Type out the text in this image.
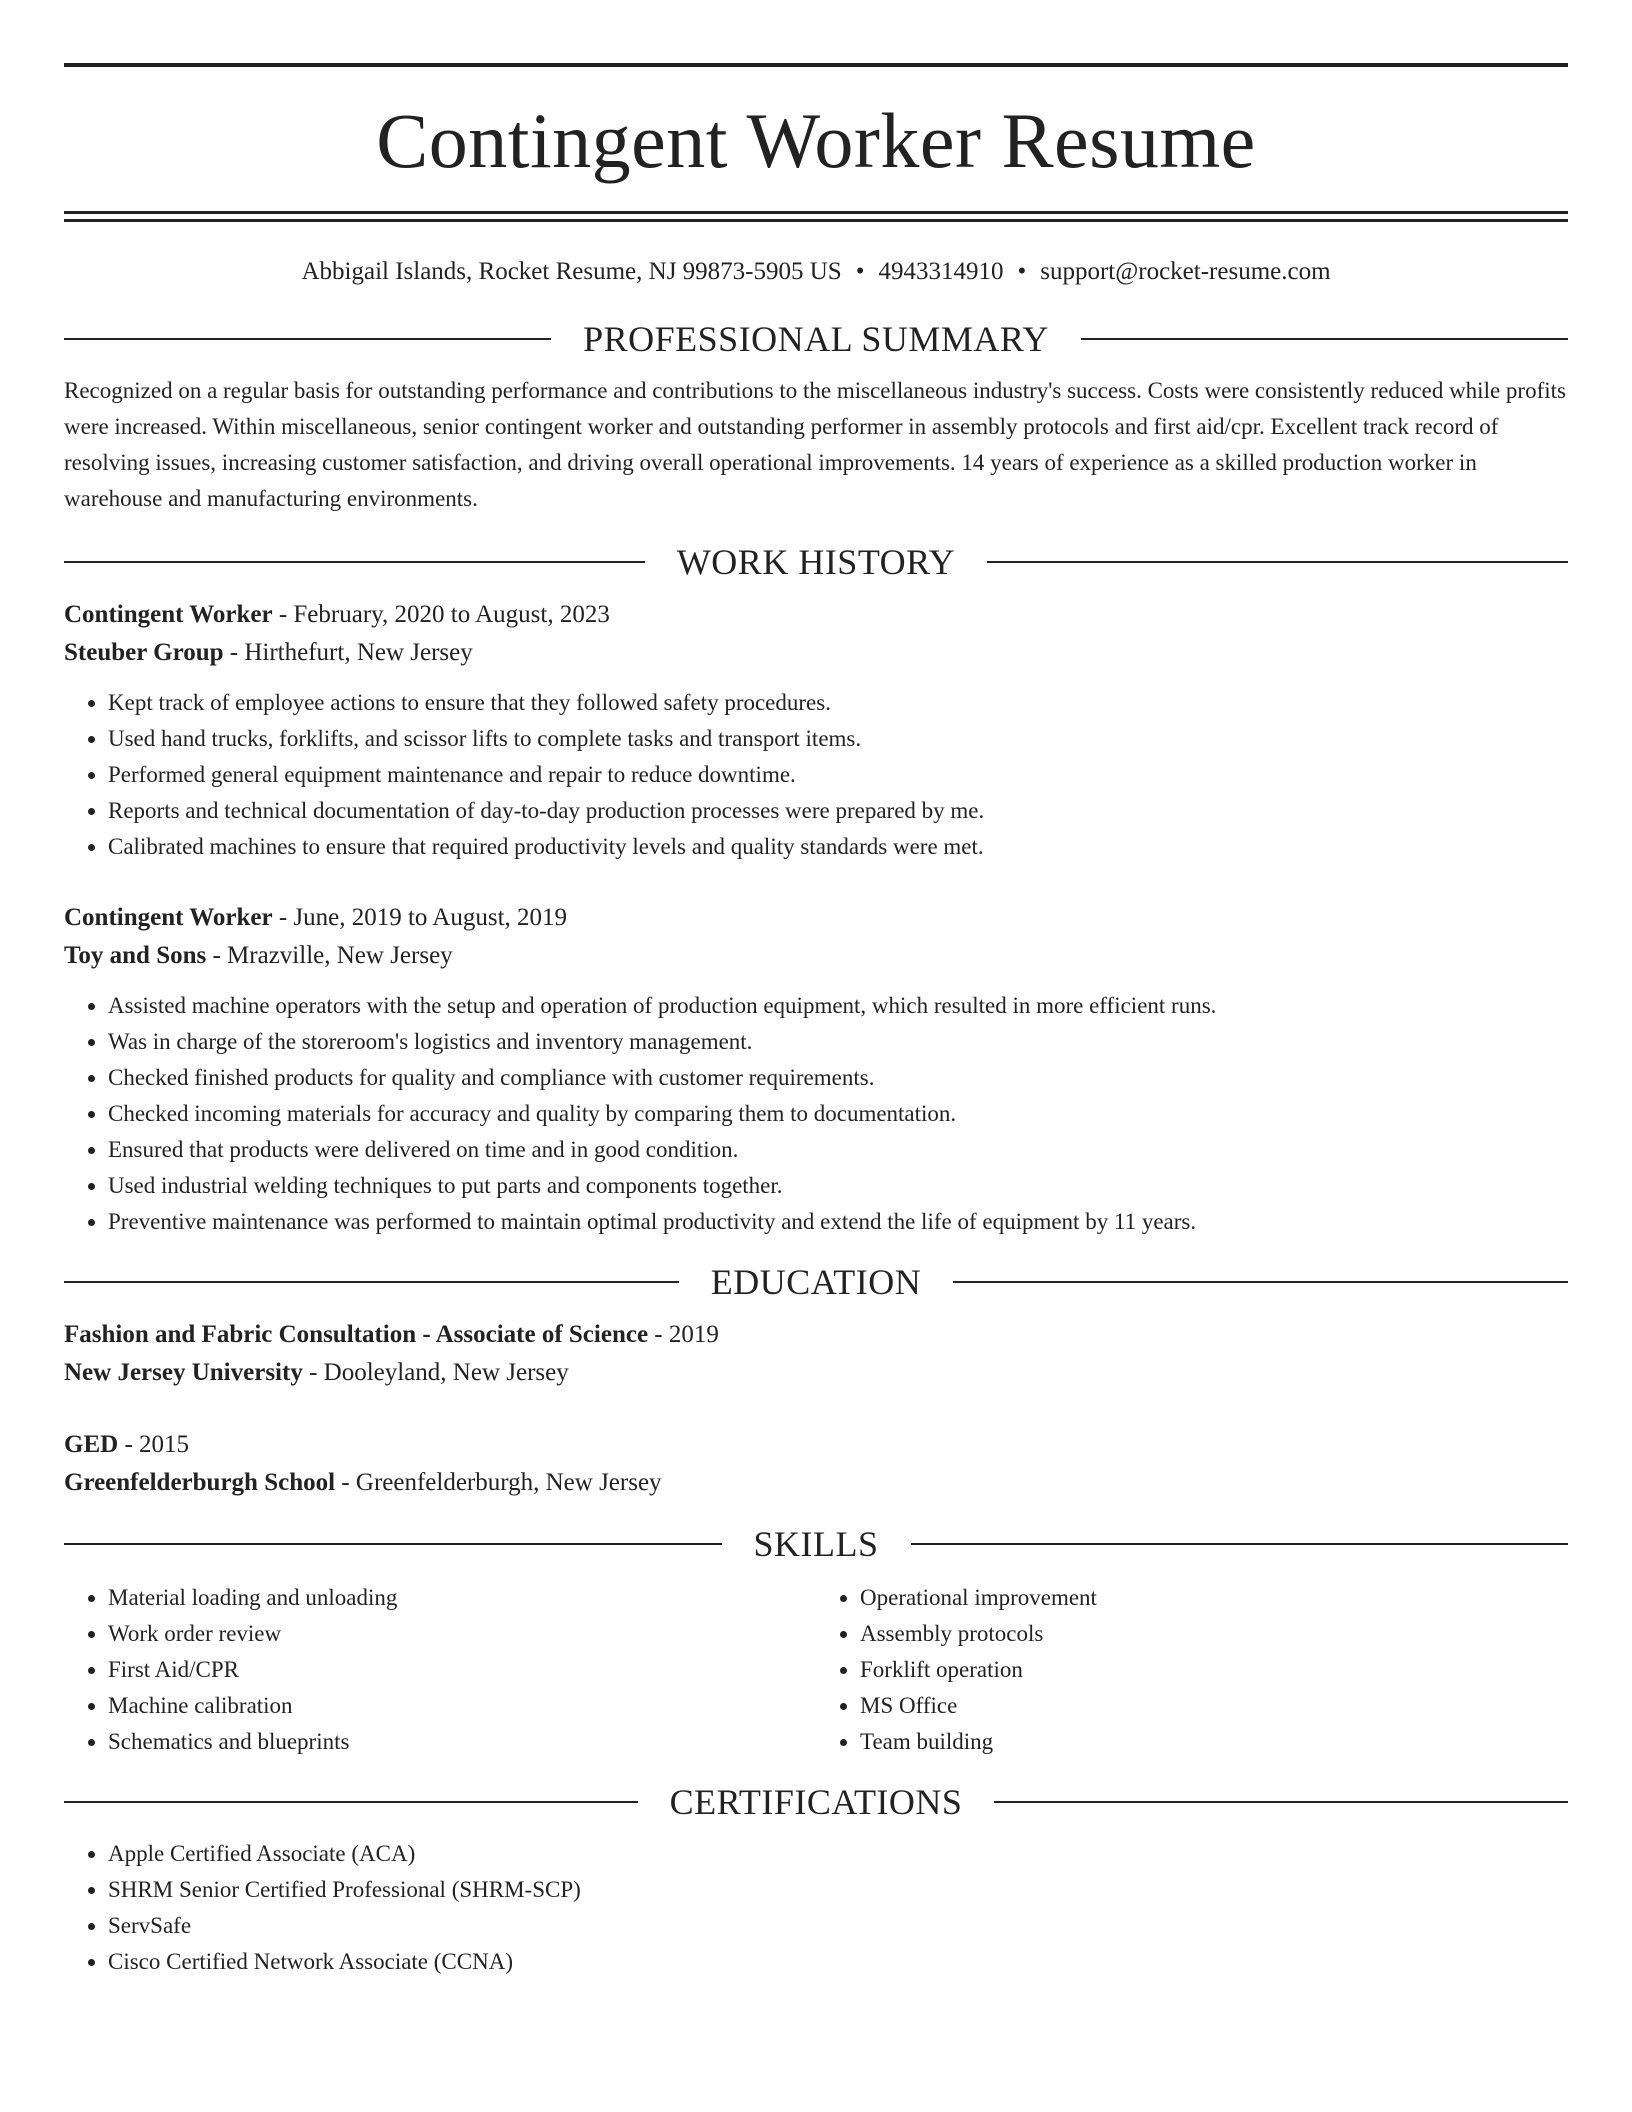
Contingent Worker Resume
Abbigail Islands, Rocket Resume, NJ 99873-5905 US • 4943314910 • support@rocket-resume.com
PROFESSIONAL SUMMARY

Recognized on a regular basis for outstanding performance and contributions to the miscellaneous industry's success. Costs were consistently reduced while profits were increased. Within miscellaneous, senior contingent worker and outstanding performer in assembly protocols and first aid/cpr. Excellent track record of resolving issues, increasing customer satisfaction, and driving overall operational improvements. 14 years of experience as a skilled production worker in warehouse and manufacturing environments.

WORK HISTORY
Contingent Worker - February, 2020 to August, 2023
Steuber Group - Hirthefurt, New Jersey
• Kept track of employee actions to ensure that they followed safety procedures.
• Used hand trucks, forklifts, and scissor lifts to complete tasks and transport items.
• Performed general equipment maintenance and repair to reduce downtime.
• Reports and technical documentation of day-to-day production processes were prepared by me.
• Calibrated machines to ensure that required productivity levels and quality standards were met.
Contingent Worker - June, 2019 to August, 2019
Toy and Sons - Mrazville, New Jersey
• Assisted machine operators with the setup and operation of production equipment, which resulted in more efficient runs.
• Was in charge of the storeroom's logistics and inventory management.
• Checked finished products for quality and compliance with customer requirements.
• Checked incoming materials for accuracy and quality by comparing them to documentation.
• Ensured that products were delivered on time and in good condition.
• Used industrial welding techniques to put parts and components together.
• Preventive maintenance was performed to maintain optimal productivity and extend the life of equipment by 11 years.
EDUCATION
Fashion and Fabric Consultation - Associate of Science - 2019
New Jersey University - Dooleyland, New Jersey
GED - 2015
Greenfelderburgh School - Greenfelderburgh, New Jersey
SKILLS
• Material loading and unloading
• Work order review
• First Aid/CPR
• Machine calibration
• Schematics and blueprints
• Operational improvement
• Assembly protocols
• Forklift operation
• MS Office
• Team building
CERTIFICATIONS
• Apple Certified Associate (ACA)
• SHRM Senior Certified Professional (SHRM-SCP)
• ServSafe
• Cisco Certified Network Associate (CCNA)
